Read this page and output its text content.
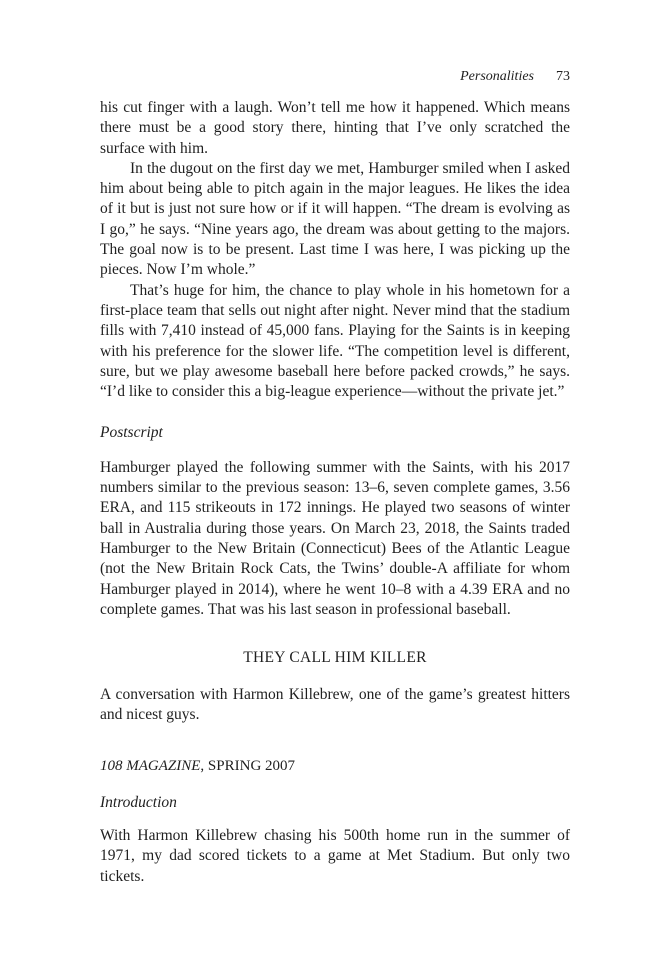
Personalities 73

his cut finger with a laugh. Won’t tell me how it happened. Which means there must be a good story there, hinting that I’ve only scratched the surface with him.

In the dugout on the first day we met, Hamburger smiled when I asked him about being able to pitch again in the major leagues. He likes the idea of it but is just not sure how or if it will happen. “The dream is evolving as I go,” he says. “Nine years ago, the dream was about getting to the majors. The goal now is to be present. Last time I was here, I was picking up the pieces. Now I’m whole.”

That’s huge for him, the chance to play whole in his hometown for a first-place team that sells out night after night. Never mind that the stadium fills with 7,410 instead of 45,000 fans. Playing for the Saints is in keeping with his preference for the slower life. “The competition level is different, sure, but we play awesome baseball here before packed crowds,” he says. “I’d like to consider this a big-league experience—without the private jet.”

Postscript

Hamburger played the following summer with the Saints, with his 2017 numbers similar to the previous season: 13–6, seven complete games, 3.56 ERA, and 115 strikeouts in 172 innings. He played two seasons of winter ball in Australia during those years. On March 23, 2018, the Saints traded Hamburger to the New Britain (Connecticut) Bees of the Atlantic League (not the New Britain Rock Cats, the Twins’ double-A affiliate for whom Hamburger played in 2014), where he went 10–8 with a 4.39 ERA and no complete games. That was his last season in professional baseball.

THEY CALL HIM KILLER

A conversation with Harmon Killebrew, one of the game’s greatest hitters and nicest guys.

108 MAGAZINE, SPRING 2007
Introduction

With Harmon Killebrew chasing his 500th home run in the summer of 1971, my dad scored tickets to a game at Met Stadium. But only two tickets.
